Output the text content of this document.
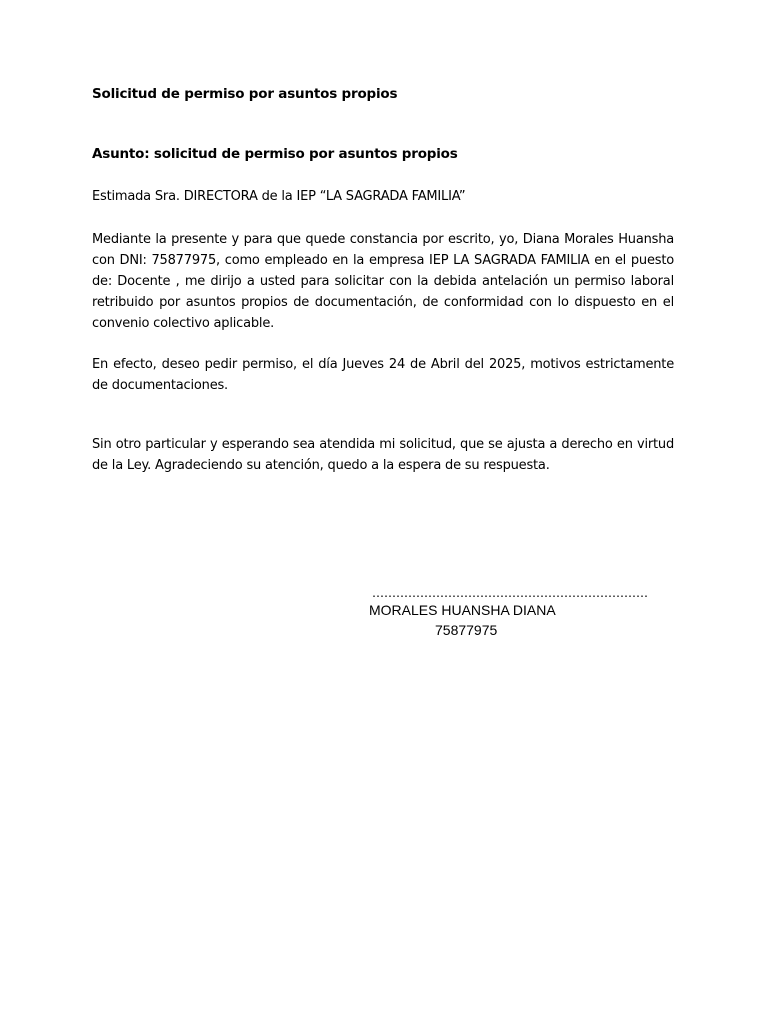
Solicitud de permiso por asuntos propios
Asunto: solicitud de permiso por asuntos propios
Estimada Sra. DIRECTORA de la IEP “LA SAGRADA FAMILIA”
Mediante la presente y para que quede constancia por escrito, yo, Diana Morales Huansha con DNI: 75877975, como empleado en la empresa IEP LA SAGRADA FAMILIA en el puesto de: Docente , me dirijo a usted para solicitar con la debida antelación un permiso laboral retribuido por asuntos propios de documentación, de conformidad con lo dispuesto en el convenio colectivo aplicable.
En efecto, deseo pedir permiso, el día Jueves 24 de Abril del 2025, motivos estrictamente de documentaciones.
Sin otro particular y esperando sea atendida mi solicitud, que se ajusta a derecho en virtud de la Ley. Agradeciendo su atención, quedo a la espera de su respuesta.
……………………………………………………………
MORALES HUANSHA DIANA
75877975
